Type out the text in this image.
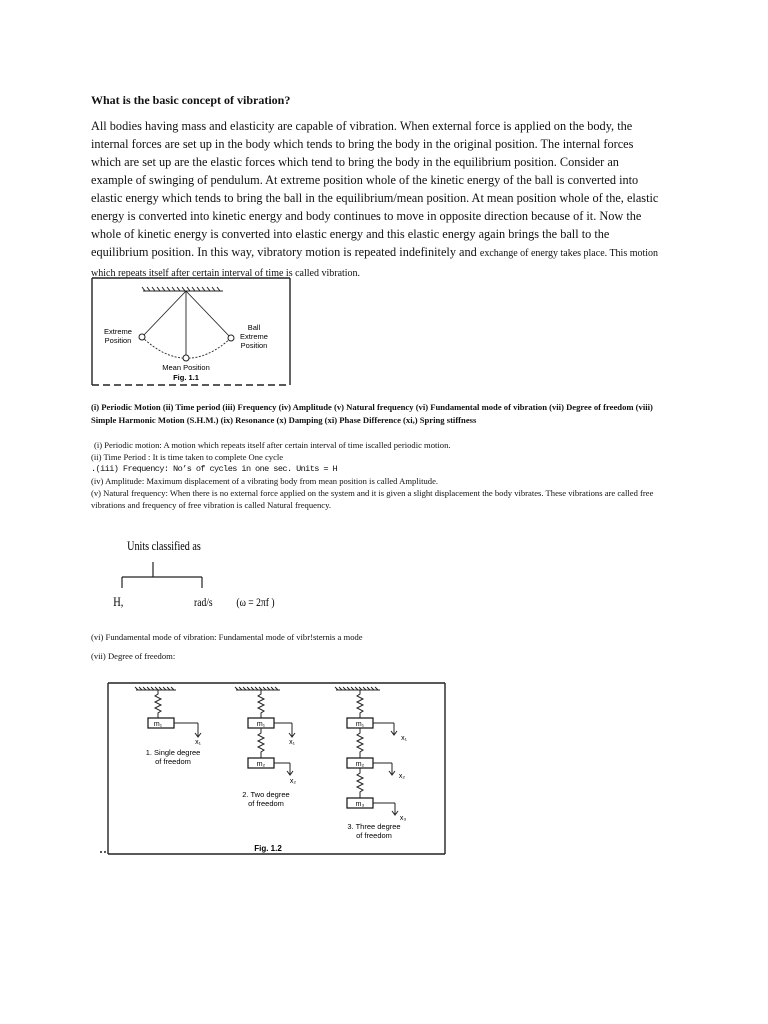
What is the basic concept of vibration?
All bodies having mass and elasticity are capable of vibration. When external force is applied on the body, the internal forces are set up in the body which tends to bring the body in the original position. The internal forces which are set up are the elastic forces which tend to bring the body in the equilibrium position. Consider an example of swinging of pendulum. At extreme position whole of the kinetic energy of the ball is converted into elastic energy which tends to bring the ball in the equilibrium/mean position. At mean position whole of the, elastic energy is converted into kinetic energy and body continues to move in opposite direction because of it. Now the whole of kinetic energy is converted into elastic energy and this elastic energy again brings the ball to the equilibrium position. In this way, vibratory motion is repeated indefinitely and exchange of energy takes place. This motion which repeats itself after certain interval of time is called vibration.
Extreme
Position
Ball
Extreme
Position
Mean Position
Fig. 1.1
(i) Periodic Motion (ii) Time period (iii) Frequency (iv) Amplitude (v) Natural frequency (vi) Fundamental mode of vibration (vii) Degree of freedom (viii) Simple Harmonic Motion (S.H.M.) (ix) Resonance (x) Damping (xi) Phase Difference (xi,) Spring stiffness
(i) Periodic motion: A motion which repeats itself after certain interval of time iscalled periodic motion.
(ii) Time Period : It is time taken to complete One cycle
.(iii) Frequency: No’s of cycles in one sec. Units = H
(iv) Amplitude: Maximum displacement of a vibrating body from mean position is called Amplitude.
(v) Natural frequency: When there is no external force applied on the system and it is given a slight displacement the body vibrates. These vibrations are called free vibrations and frequency of free vibration is called Natural frequency.
Units classified as
H,	rad/s (ω = 2πf )
(vi) Fundamental mode of vibration: Fundamental mode of vibr!sternis a mode
(vii) Degree of freedom:
m₁
x₁
1. Single degree
of freedom
m₁
x₁
m₂
x₂
2. Two degree
of freedom
m₁
x₁
m₂
x₂
m₃
x₃
3. Three degree
of freedom
Fig. 1.2
